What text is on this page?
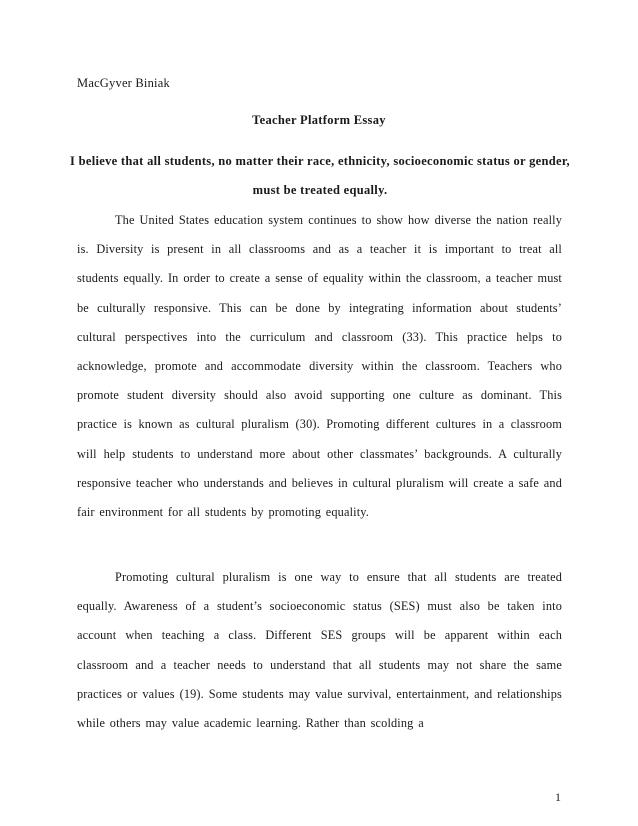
MacGyver Biniak
Teacher Platform Essay
I believe that all students, no matter their race, ethnicity, socioeconomic status or gender, must be treated equally.
The United States education system continues to show how diverse the nation really is. Diversity is present in all classrooms and as a teacher it is important to treat all students equally. In order to create a sense of equality within the classroom, a teacher must be culturally responsive. This can be done by integrating information about students’ cultural perspectives into the curriculum and classroom (33). This practice helps to acknowledge, promote and accommodate diversity within the classroom. Teachers who promote student diversity should also avoid supporting one culture as dominant. This practice is known as cultural pluralism (30). Promoting different cultures in a classroom will help students to understand more about other classmates’ backgrounds. A culturally responsive teacher who understands and believes in cultural pluralism will create a safe and fair environment for all students by promoting equality.
Promoting cultural pluralism is one way to ensure that all students are treated equally. Awareness of a student’s socioeconomic status (SES) must also be taken into account when teaching a class. Different SES groups will be apparent within each classroom and a teacher needs to understand that all students may not share the same practices or values (19). Some students may value survival, entertainment, and relationships while others may value academic learning. Rather than scolding a
1
